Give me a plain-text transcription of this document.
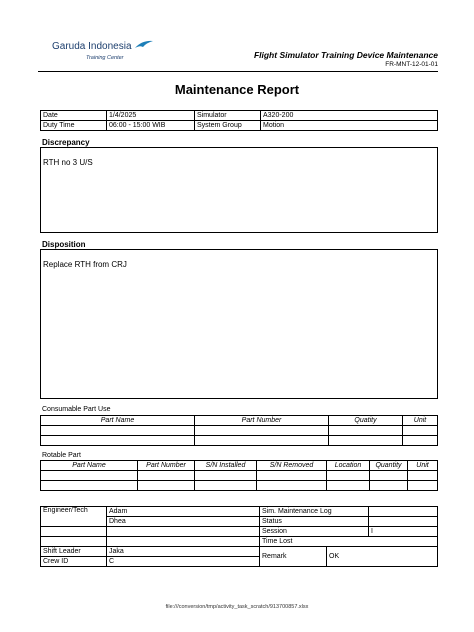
Garuda Indonesia
Training Center	Flight Simulator Training Device Maintenance
FR-MNT-12-01-01
Maintenance Report
Date	1/4/2025	Simulator	A320-200
Duty Time	06:00 - 15:00 WIB	System Group	Motion
Discrepancy
RTH no 3 U/S
Disposition
Replace RTH from CRJ
Consumable Part Use
Part Name	Part Number	Quatity	Unit

Rotable Part
Part Name	Part Number	S/N Installed	S/N Removed	Location	Quantity	Unit

Engineer/Tech	Adam	Sim. Maintenance Log		
	Dhea	Status		
		Session		I
		Time Lost		
Shift Leader	Jaka	Remark	OK	
Crew ID	C			
file:///conversion/tmp/activity_task_scratch/913700857.xlsx
